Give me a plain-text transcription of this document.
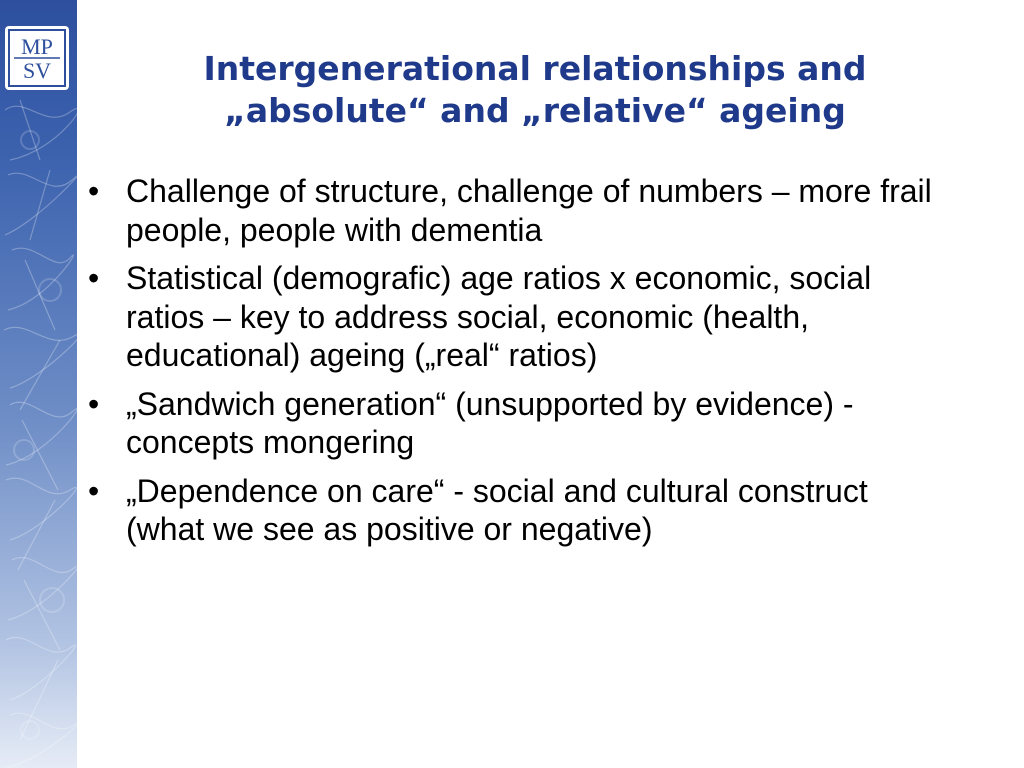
MP
SV	Intergenerational relationships and
„absolute“ and „relative“ ageing
• Challenge of structure, challenge of numbers – more frail people, people with dementia
• Statistical (demografic) age ratios x economic, social ratios – key to address social, economic (health, educational) ageing („real“ ratios)
• „Sandwich generation“ (unsupported by evidence) - concepts mongering
• „Dependence on care“ - social and cultural construct (what we see as positive or negative)
